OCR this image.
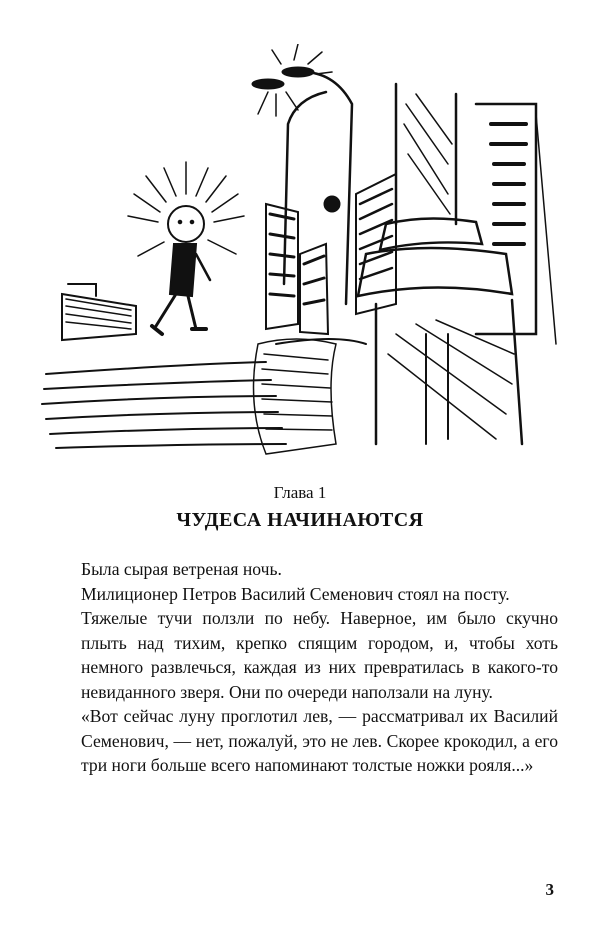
Глава 1
ЧУДЕСА НАЧИНАЮТСЯ

Была сырая ветреная ночь.

Милиционер Петров Василий Семенович стоял на посту.

Тяжелые тучи ползли по небу. Наверное, им было скучно плыть над тихим, крепко спящим городом, и, чтобы хоть немного развлечься, каждая из них превратилась в какого-то невиданного зверя. Они по очереди наползали на луну.

«Вот сейчас луну проглотил лев, — рассматривал их Василий Семенович, — нет, пожалуй, это не лев. Скорее крокодил, а его три ноги больше всего напоминают толстые ножки рояля...»

3
